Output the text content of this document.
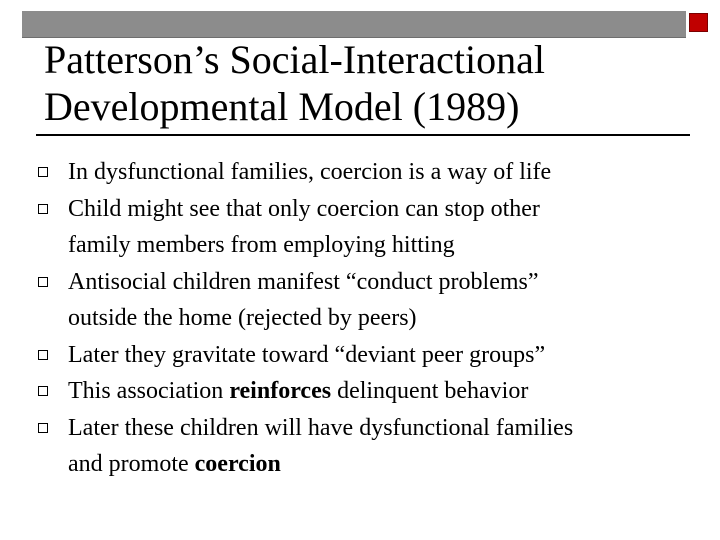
Patterson’s Social-Interactional
Developmental Model (1989)
In dysfunctional families, coercion is a way of life
Child might see that only coercion can stop other
family members from employing hitting
Antisocial children manifest “conduct problems”
outside the home (rejected by peers)
Later they gravitate toward “deviant peer groups”
This association reinforces delinquent behavior
Later these children will have dysfunctional families
and promote coercion
